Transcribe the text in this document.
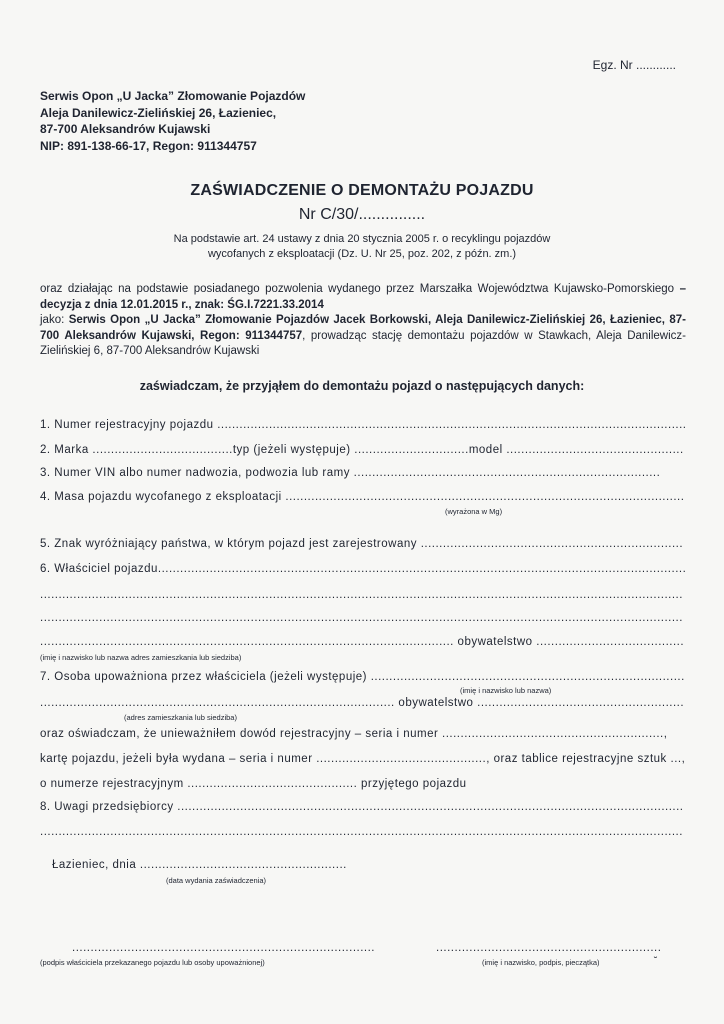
Egz. Nr ............
Serwis Opon „U Jacka” Złomowanie Pojazdów
Aleja Danilewicz-Zielińskiej 26, Łazieniec,
87-700 Aleksandrów Kujawski
NIP: 891-138-66-17, Regon: 911344757
ZAŚWIADCZENIE O DEMONTAŻU POJAZDU
Nr C/30/...............
Na podstawie art. 24 ustawy z dnia 20 stycznia 2005 r. o recyklingu pojazdów
wycofanych z eksploatacji (Dz. U. Nr 25, poz. 202, z późn. zm.)
oraz działając na podstawie posiadanego pozwolenia wydanego przez Marszałka Województwa Kujawsko-Pomorskiego – decyzja z dnia 12.01.2015 r., znak: ŚG.I.7221.33.2014
jako: Serwis Opon „U Jacka” Złomowanie Pojazdów Jacek Borkowski, Aleja Danilewicz-Zielińskiej 26, Łazieniec, 87-700 Aleksandrów Kujawski, Regon: 911344757, prowadząc stację demontażu pojazdów w Stawkach, Aleja Danilewicz-Zielińskiej 6, 87-700 Aleksandrów Kujawski
zaświadczam, że przyjąłem do demontażu pojazd o następujących danych:
1. Numer rejestracyjny pojazdu ...............................................................................................................................
2. Marka ......................................typ (jeżeli występuje) ...............................model ................................................
3. Numer VIN albo numer nadwozia, podwozia lub ramy ...................................................................................
4. Masa pojazdu wycofanego z eksploatacji ............................................................................................................
(wyrażona w Mg)
5. Znak wyróżniający państwa, w którym pojazd jest zarejestrowany .......................................................................
6. Właściciel pojazdu...............................................................................................................................................
..............................................................................................................................................................................
..............................................................................................................................................................................
................................................................................................................ obywatelstwo ........................................
(imię i nazwisko lub nazwa adres zamieszkania lub siedziba)
7. Osoba upoważniona przez właściciela (jeżeli występuje) .....................................................................................
(imię i nazwisko lub nazwa)
................................................................................................ obywatelstwo ........................................................
(adres zamieszkania lub siedziba)
oraz oświadczam, że unieważniłem dowód rejestracyjny – seria i numer ............................................................,
kartę pojazdu, jeżeli była wydana – seria i numer .............................................., oraz tablice rejestracyjne sztuk ...,
o numerze rejestracyjnym .............................................. przyjętego pojazdu
8. Uwagi przedsiębiorcy .........................................................................................................................................
..............................................................................................................................................................................
Łazieniec, dnia ........................................................
(data wydania zaświadczenia)
..................................................................................
(podpis właściciela przekazanego pojazdu lub osoby upoważnionej)
.............................................................
(imię i nazwisko, podpis, pieczątka)	˘
